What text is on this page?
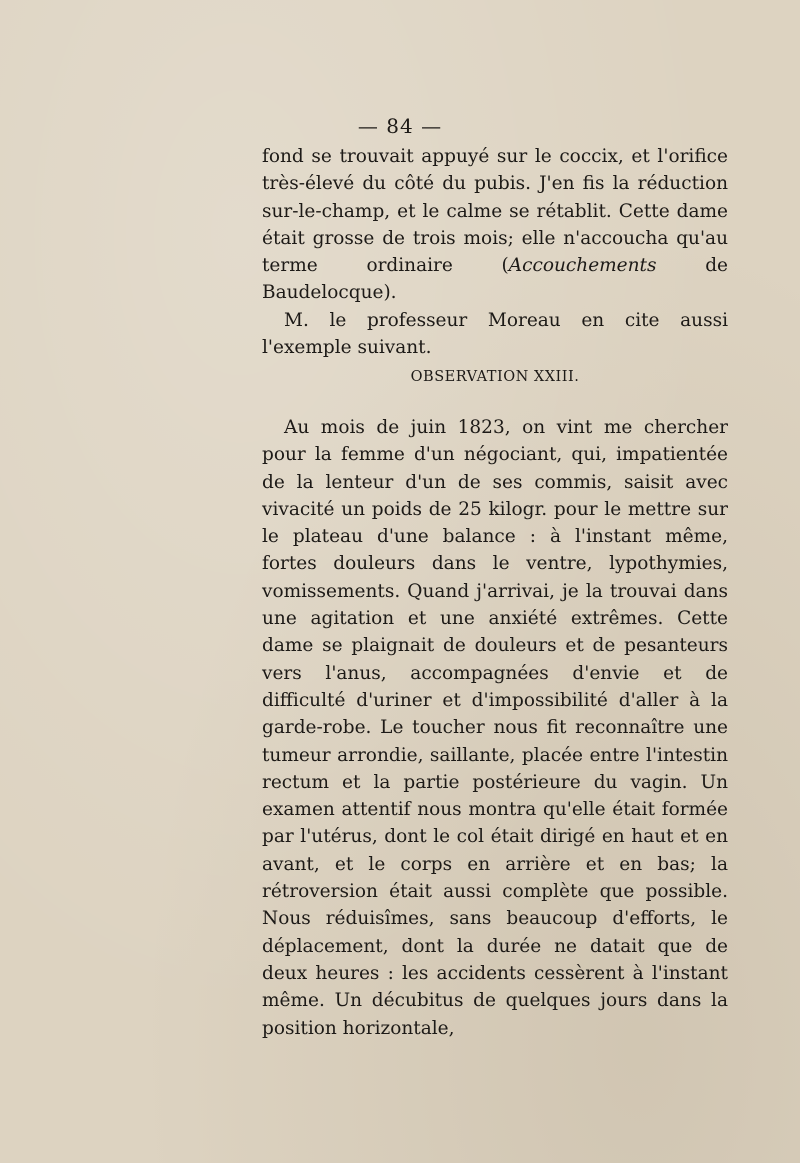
— 84 —

fond se trouvait appuyé sur le coccix, et l'orifice très-élevé du côté du pubis. J'en fis la réduction sur-le-champ, et le calme se rétablit. Cette dame était grosse de trois mois; elle n'accoucha qu'au terme ordinaire (Accouchements de Baudelocque).

M. le professeur Moreau en cite aussi l'exemple suivant.

OBSERVATION XXIII.

Au mois de juin 1823, on vint me chercher pour la femme d'un négociant, qui, impatientée de la lenteur d'un de ses commis, saisit avec vivacité un poids de 25 kilogr. pour le mettre sur le plateau d'une balance : à l'instant même, fortes douleurs dans le ventre, lypothymies, vomissements. Quand j'arrivai, je la trouvai dans une agitation et une anxiété extrêmes. Cette dame se plaignait de douleurs et de pesanteurs vers l'anus, accompagnées d'envie et de difficulté d'uriner et d'impossibilité d'aller à la garde-robe. Le toucher nous fit reconnaître une tumeur arrondie, saillante, placée entre l'intestin rectum et la partie postérieure du vagin. Un examen attentif nous montra qu'elle était formée par l'utérus, dont le col était dirigé en haut et en avant, et le corps en arrière et en bas; la rétroversion était aussi complète que possible. Nous réduisîmes, sans beaucoup d'efforts, le déplacement, dont la durée ne datait que de deux heures : les accidents cessèrent à l'instant même. Un décubitus de quelques jours dans la position horizontale,
